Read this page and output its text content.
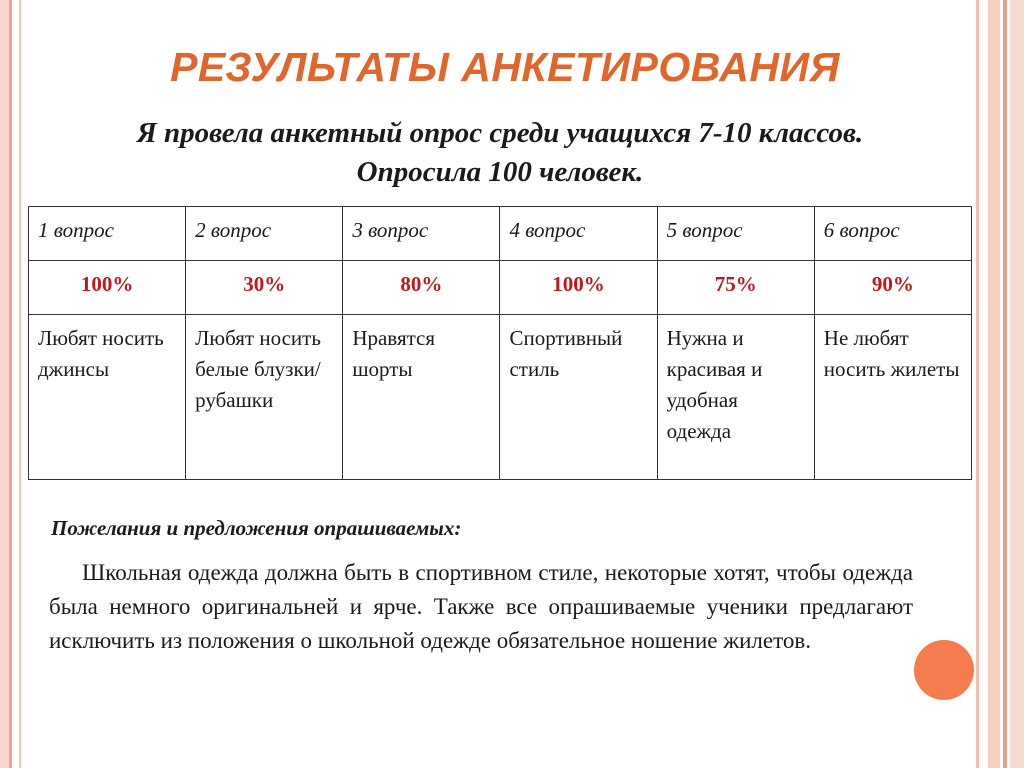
РЕЗУЛЬТАТЫ АНКЕТИРОВАНИЯ
Я провела анкетный опрос среди учащихся 7-10 классов.
Опросила 100 человек.
1 вопрос	2 вопрос	3 вопрос	4 вопрос	5 вопрос	6 вопрос
100%	30%	80%	100%	75%	90%
Любят носить джинсы	Любят носить белые блузки/ рубашки	Нравятся шорты	Спортивный стиль	Нужна и красивая и удобная одежда	Не любят носить жилеты
Пожелания и предложения опрашиваемых:
Школьная одежда должна быть в спортивном стиле, некоторые хотят, чтобы одежда была немного оригинальней и ярче. Также все опрашиваемые ученики предлагают исключить из положения о школьной одежде обязательное ношение жилетов.
